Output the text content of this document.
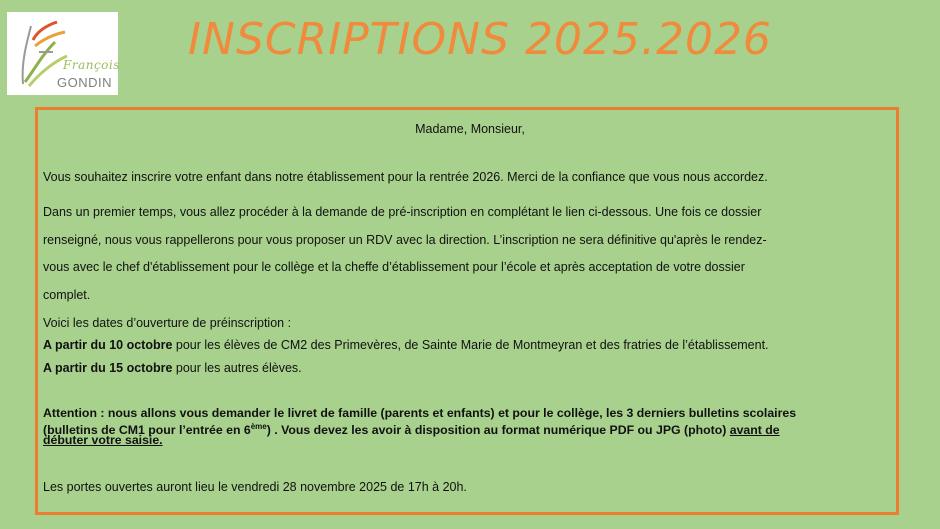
François
GONDIN
INSCRIPTIONS 2025.2026
Madame, Monsieur,
Vous souhaitez inscrire votre enfant dans notre établissement pour la rentrée 2026. Merci de la confiance que vous nous accordez.
Dans un premier temps, vous allez procéder à la demande de pré-inscription en complétant le lien ci-dessous. Une fois ce dossier
renseigné, nous vous rappellerons pour vous proposer un RDV avec la direction. L’inscription ne sera définitive qu'après le rendez-
vous avec le chef d'établissement pour le collège et la cheffe d’établissement pour l’école et après acceptation de votre dossier
complet.
Voici les dates d’ouverture de préinscription :
A partir du 10 octobre pour les élèves de CM2 des Primevères, de Sainte Marie de Montmeyran et des fratries de l’établissement.
A partir du 15 octobre pour les autres élèves.
Attention : nous allons vous demander le livret de famille (parents et enfants) et pour le collège, les 3 derniers bulletins scolaires
(bulletins de CM1 pour l’entrée en 6ème) . Vous devez les avoir à disposition au format numérique PDF ou JPG (photo) avant de
débuter votre saisie.
Les portes ouvertes auront lieu le vendredi 28 novembre 2025 de 17h à 20h.
